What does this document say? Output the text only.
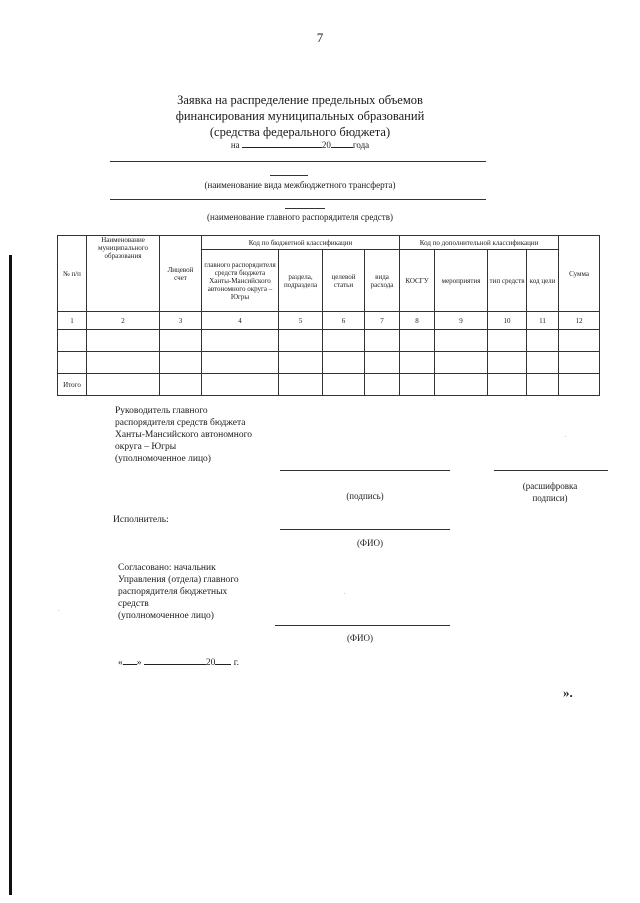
7
Заявка на распределение предельных объемов
финансирования муниципальных образований
(средства федерального бюджета)
на	20 года
(наименование вида межбюджетного трансферта)
(наименование главного распорядителя средств)
№ п/п	Наименование муниципального образования	Лицевой счет	Код по бюджетной классификации				Код по дополнительной классификации				Сумма
			главного распорядителя средств бюджета Ханты-Мансийского автономного округа – Югры	раздела, подраздела	целевой статьи	вида расхода	КОСГУ	мероприятия	тип средств	код цели	
1	2	3	4	5	6	7	8	9	10	11	12

Итого											
Руководитель главного
распорядителя средств бюджета
Ханты-Мансийского автономного
округа – Югры
(уполномоченное лицо)
.
(подпись)
(расшифровка
подписи)
Исполнитель:
(ФИО)
Согласовано: начальник
Управления (отдела) главного
распорядителя бюджетных
средств
(уполномоченное лицо)
.
(ФИО)
« »	20 г.
».
.
